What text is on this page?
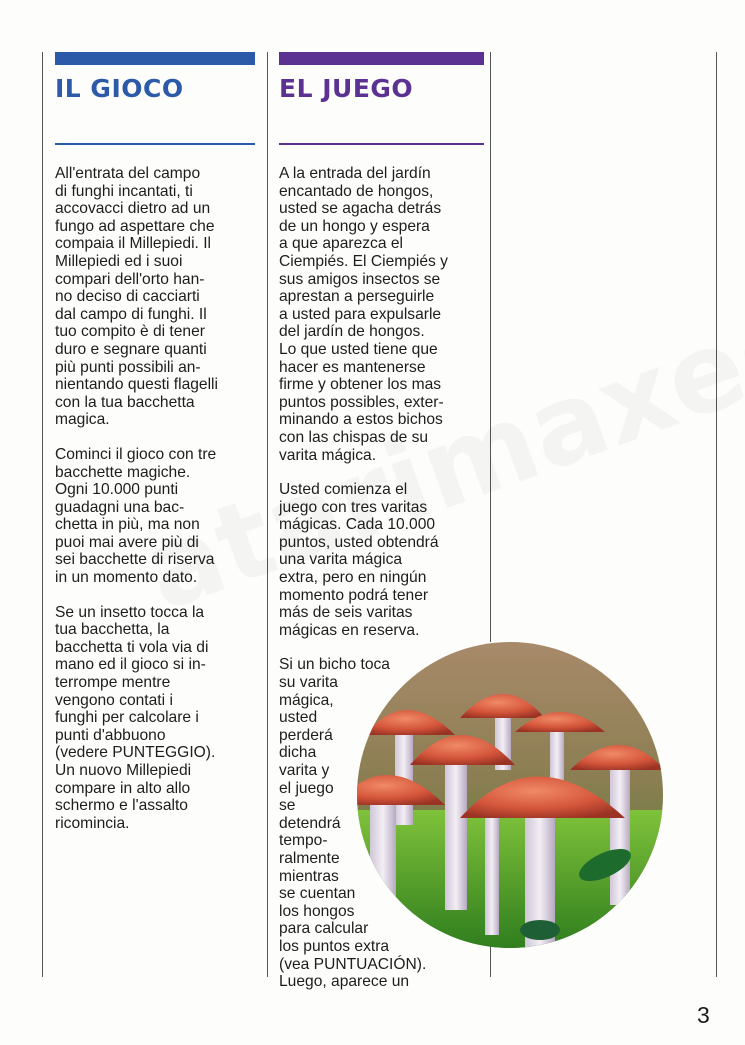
IL GIOCO

All'entrata del campo
di funghi incantati, ti
accovacci dietro ad un
fungo ad aspettare che
compaia il Millepiedi. Il
Millepiedi ed i suoi
compari dell'orto han-
no deciso di cacciarti
dal campo di funghi. Il
tuo compito è di tener
duro e segnare quanti
più punti possibili an-
nientando questi flagelli
con la tua bacchetta
magica.

Cominci il gioco con tre
bacchette magiche.
Ogni 10.000 punti
guadagni una bac-
chetta in più, ma non
puoi mai avere più di
sei bacchette di riserva
in un momento dato.

Se un insetto tocca la
tua bacchetta, la
bacchetta ti vola via di
mano ed il gioco si in-
terrompe mentre
vengono contati i
funghi per calcolare i
punti d'abbuono
(vedere PUNTEGGIO).
Un nuovo Millepiedi
compare in alto allo
schermo e l'assalto
ricomincia.

EL JUEGO

A la entrada del jardín
encantado de hongos,
usted se agacha detrás
de un hongo y espera
a que aparezca el
Ciempiés. El Ciempiés y
sus amigos insectos se
aprestan a perseguirle
a usted para expulsarle
del jardín de hongos.
Lo que usted tiene que
hacer es mantenerse
firme y obtener los mas
puntos possibles, exter-
minando a estos bichos
con las chispas de su
varita mágica.

Usted comienza el
juego con tres varitas
mágicas. Cada 10.000
puntos, usted obtendrá
una varita mágica
extra, pero en ningún
momento podrá tener
más de seis varitas
mágicas en reserva.

Si un bicho toca
su varita
mágica,
usted
perderá
dicha
varita y
el juego
se
detendrá
tempo-
ralmente
mientras
se cuentan
los hongos
para calcular
los puntos extra
(vea PUNTUACIÓN).
Luego, aparece un

3
